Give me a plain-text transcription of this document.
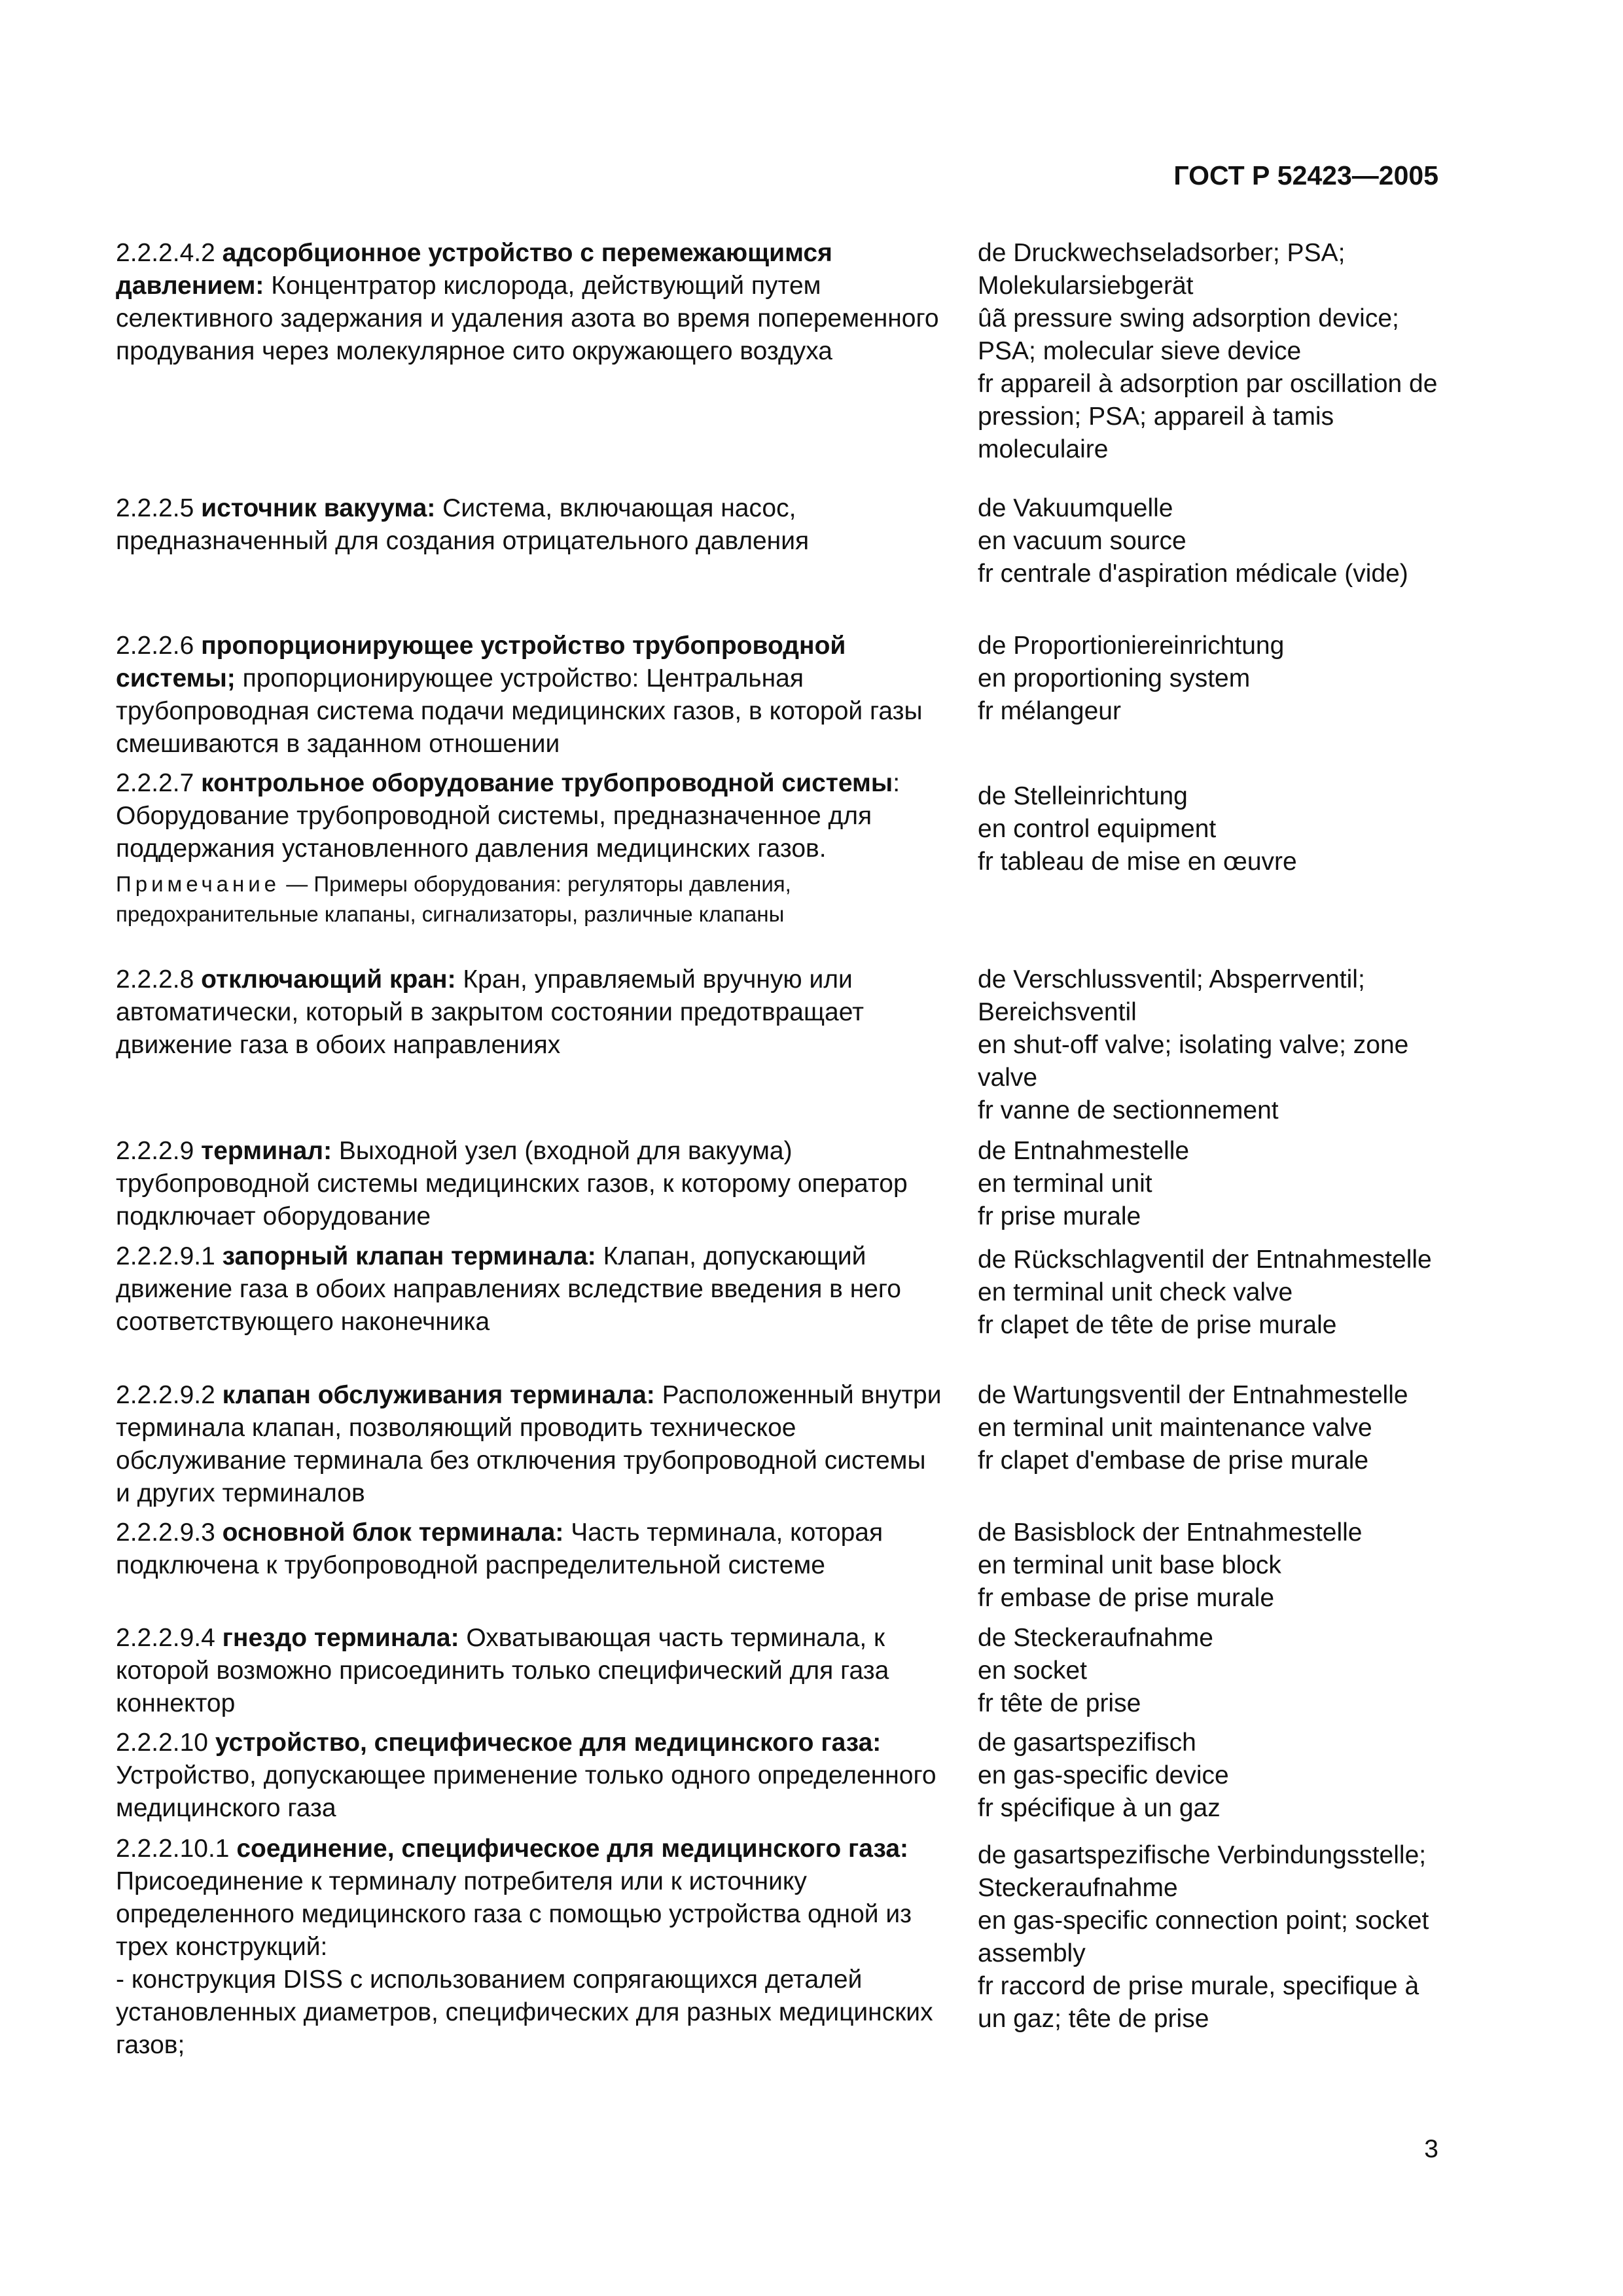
ГОСТ Р 52423—2005
2.2.2.4.2 адсорбционное устройство с перемежающимся давлением: Концентратор кислорода, действующий путем селективного задержания и удаления азота во время попеременного продувания через молекулярное сито окружающего воздуха
de Druckwechseladsorber; PSA; Molekularsiebgerät
ûã pressure swing adsorption device; PSA; molecular sieve device
fr appareil à adsorption par oscillation de pression; PSA; appareil à tamis moleculaire
2.2.2.5 источник вакуума: Система, включающая насос, предназначенный для создания отрицательного давления
de Vakuumquelle
en vacuum source
fr centrale d'aspiration médicale (vide)
2.2.2.6 пропорционирующее устройство трубопроводной системы; пропорционирующее устройство: Центральная трубопроводная система подачи медицинских газов, в которой газы смешиваются в заданном отношении
de Proportioniereinrichtung
en proportioning system
fr mélangeur
2.2.2.7 контрольное оборудование трубопроводной системы: Оборудование трубопроводной системы, предназначенное для поддержания установленного давления медицинских газов.
Примечание — Примеры оборудования: регуляторы давления, предохранительные клапаны, сигнализаторы, различные клапаны
de Stelleinrichtung
en control equipment
fr tableau de mise en œuvre
2.2.2.8 отключающий кран: Кран, управляемый вручную или автоматически, который в закрытом состоянии предотвращает движение газа в обоих направлениях
de Verschlussventil; Absperrventil; Bereichsventil
en shut-off valve; isolating valve; zone valve
fr vanne de sectionnement
2.2.2.9 терминал: Выходной узел (входной для вакуума) трубопроводной системы медицинских газов, к которому оператор подключает оборудование
de Entnahmestelle
en terminal unit
fr prise murale
2.2.2.9.1 запорный клапан терминала: Клапан, допускающий движение газа в обоих направлениях вследствие введения в него соответствующего наконечника
de Rückschlagventil der Entnahmestelle
en terminal unit check valve
fr clapet de tête de prise murale
2.2.2.9.2 клапан обслуживания терминала: Расположенный внутри терминала клапан, позволяющий проводить техническое обслуживание терминала без отключения трубопроводной системы и других терминалов
de Wartungsventil der Entnahmestelle
en terminal unit maintenance valve
fr clapet d'embase de prise murale
2.2.2.9.3 основной блок терминала: Часть терминала, которая подключена к трубопроводной распределительной системе
de Basisblock der Entnahmestelle
en terminal unit base block
fr embase de prise murale
2.2.2.9.4 гнездо терминала: Охватывающая часть терминала, к которой возможно присоединить только специфический для газа коннектор
de Steckeraufnahme
en socket
fr tête de prise
2.2.2.10 устройство, специфическое для медицинского газа: Устройство, допускающее применение только одного определенного медицинского газа
de gasartspezifisch
en gas-specific device
fr spécifique à un gaz
2.2.2.10.1 соединение, специфическое для медицинского газа: Присоединение к терминалу потребителя или к источнику определенного медицинского газа с помощью устройства одной из трех конструкций:
- конструкция DISS с использованием сопрягающихся деталей установленных диаметров, специфических для разных медицинских газов;
de gasartspezifische Verbindungsstelle; Steckeraufnahme
en gas-specific connection point; socket assembly
fr raccord de prise murale, specifique à un gaz; tête de prise
3
